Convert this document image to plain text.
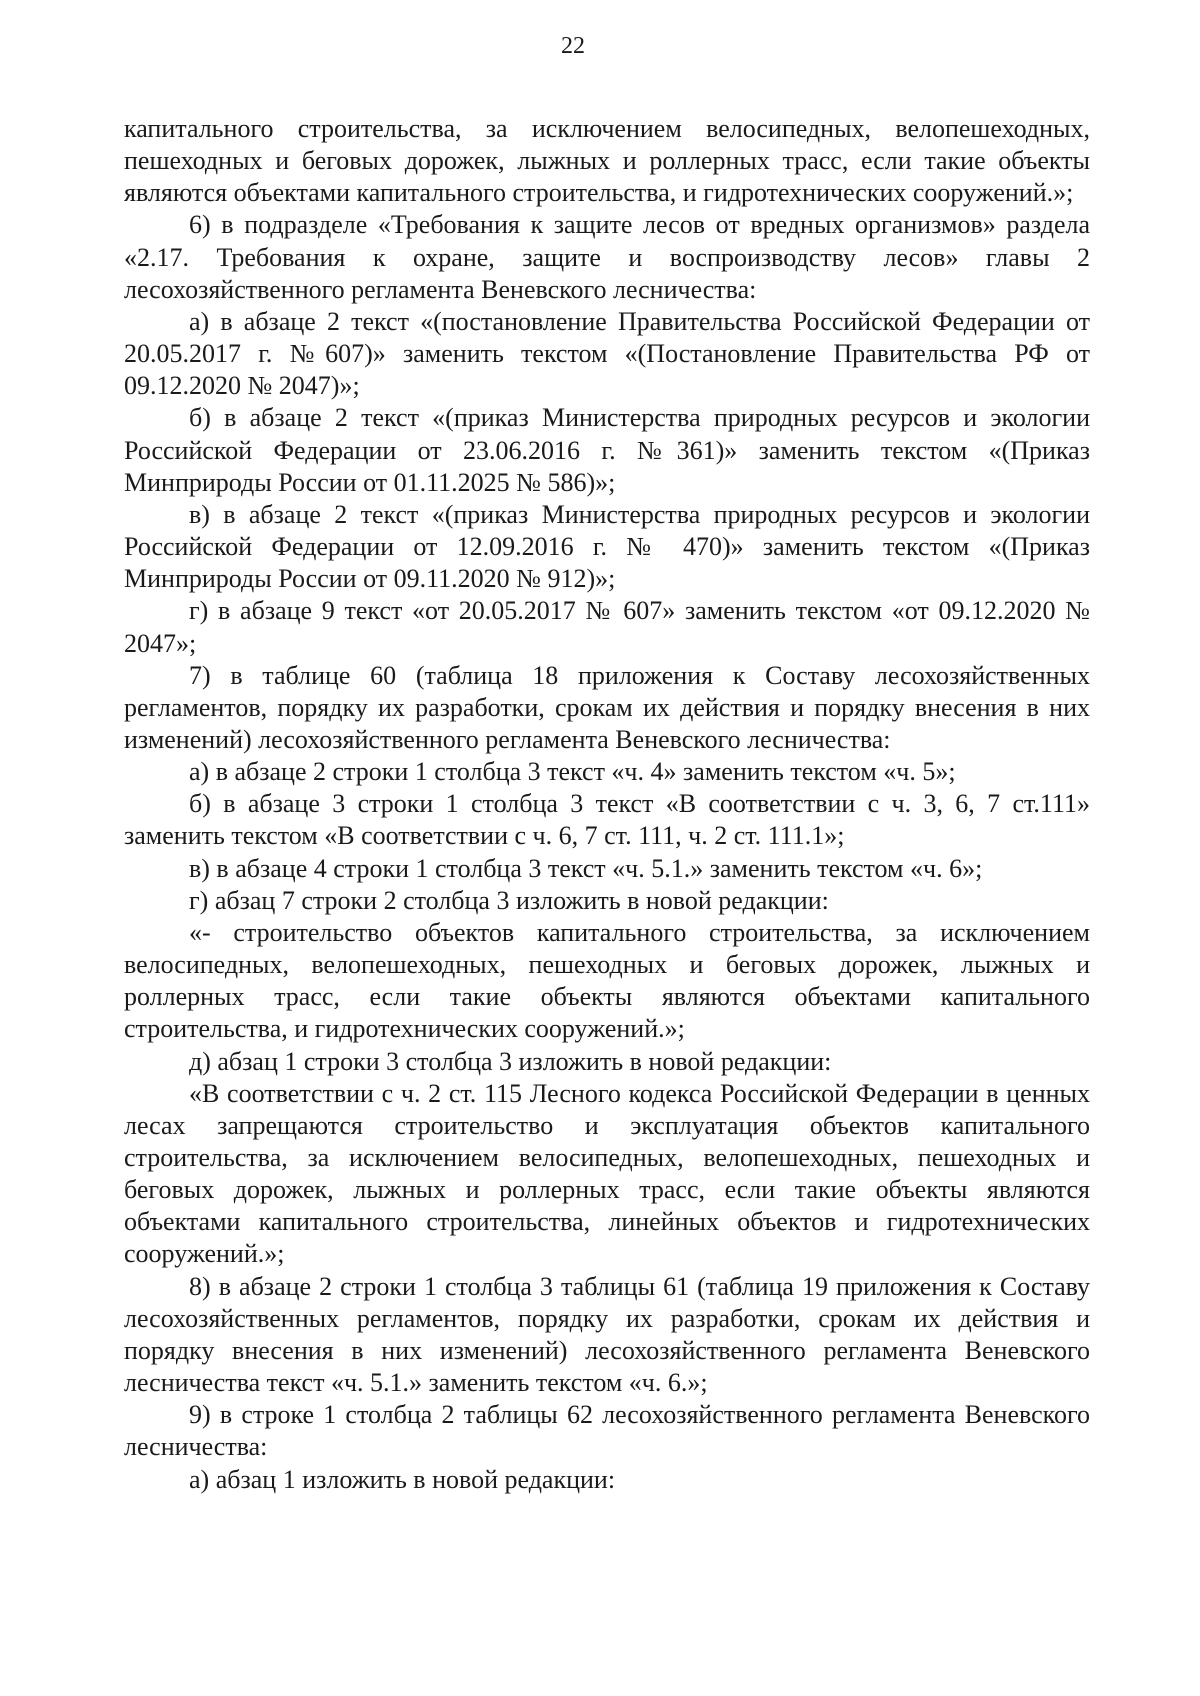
22

капитального строительства, за исключением велосипедных, велопешеходных, пешеходных и беговых дорожек, лыжных и роллерных трасс, если такие объекты являются объектами капитального строительства, и гидротехнических сооружений.»;

6) в подразделе «Требования к защите лесов от вредных организмов» раздела «2.17. Требования к охране, защите и воспроизводству лесов» главы 2 лесохозяйственного регламента Веневского лесничества:

а) в абзаце 2 текст «(постановление Правительства Российской Федерации от 20.05.2017 г. №607)» заменить текстом «(Постановление Правительства РФ от 09.12.2020 № 2047)»;

б) в абзаце 2 текст «(приказ Министерства природных ресурсов и экологии Российской Федерации от 23.06.2016 г. №361)» заменить текстом «(Приказ Минприроды России от 01.11.2025 № 586)»;

в) в абзаце 2 текст «(приказ Министерства природных ресурсов и экологии Российской Федерации от 12.09.2016 г. № 470)» заменить текстом «(Приказ Минприроды России от 09.11.2020 № 912)»;

г) в абзаце 9 текст «от 20.05.2017 № 607» заменить текстом «от 09.12.2020 № 2047»;

7) в таблице 60 (таблица 18 приложения к Составу лесохозяйственных регламентов, порядку их разработки, срокам их действия и порядку внесения в них изменений) лесохозяйственного регламента Веневского лесничества:

а) в абзаце 2 строки 1 столбца 3 текст «ч. 4» заменить текстом «ч. 5»;

б) в абзаце 3 строки 1 столбца 3 текст «В соответствии с ч. 3, 6, 7 ст.111» заменить текстом «В соответствии с ч. 6, 7 ст. 111, ч. 2 ст. 111.1»;

в) в абзаце 4 строки 1 столбца 3 текст «ч. 5.1.» заменить текстом «ч. 6»;

г) абзац 7 строки 2 столбца 3 изложить в новой редакции:

«- строительство объектов капитального строительства, за исключением велосипедных, велопешеходных, пешеходных и беговых дорожек, лыжных и роллерных трасс, если такие объекты являются объектами капитального строительства, и гидротехнических сооружений.»;

д) абзац 1 строки 3 столбца 3 изложить в новой редакции:

«В соответствии с ч. 2 ст. 115 Лесного кодекса Российской Федерации в ценных лесах запрещаются строительство и эксплуатация объектов капитального строительства, за исключением велосипедных, велопешеходных, пешеходных и беговых дорожек, лыжных и роллерных трасс, если такие объекты являются объектами капитального строительства, линейных объектов и гидротехнических сооружений.»;

8) в абзаце 2 строки 1 столбца 3 таблицы 61 (таблица 19 приложения к Составу лесохозяйственных регламентов, порядку их разработки, срокам их действия и порядку внесения в них изменений) лесохозяйственного регламента Веневского лесничества текст «ч. 5.1.» заменить текстом «ч. 6.»;

9) в строке 1 столбца 2 таблицы 62 лесохозяйственного регламента Веневского лесничества:

а) абзац 1 изложить в новой редакции:
